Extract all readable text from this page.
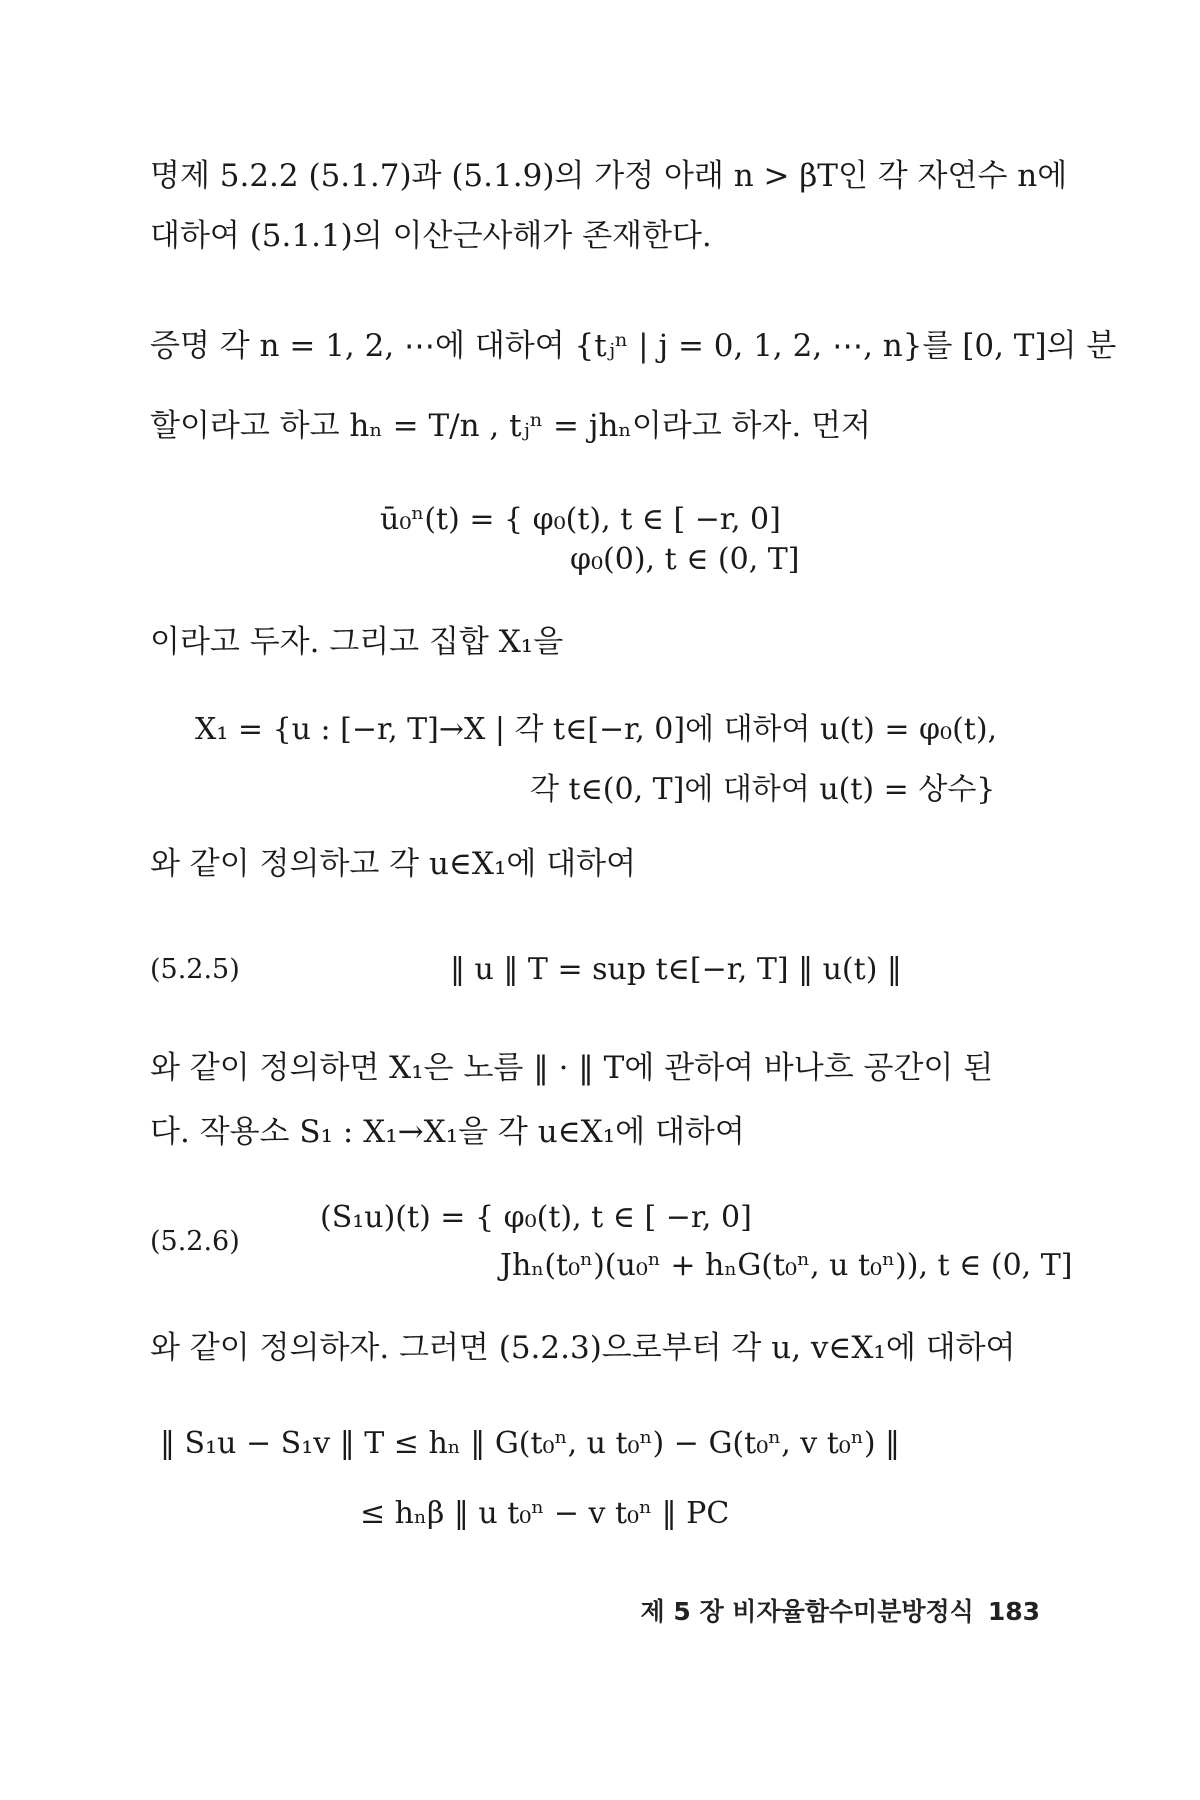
명제 5.2.2 (5.1.7)과 (5.1.9)의 가정 아래 n > βT인 각 자연수 n에
대하여 (5.1.1)의 이산근사해가 존재한다.
증명 각 n = 1, 2, ⋯에 대하여 {tⱼⁿ | j = 0, 1, 2, ⋯, n}를 [0, T]의 분
할이라고 하고 hₙ = T/n , tⱼⁿ = jhₙ이라고 하자. 먼저
ū₀ⁿ(t) = { φ₀(t), t ∈ [ −r, 0]
φ₀(0), t ∈ (0, T]
이라고 두자. 그리고 집합 X₁을
X₁ = {u : [−r, T]→X | 각 t∈[−r, 0]에 대하여 u(t) = φ₀(t),
각 t∈(0, T]에 대하여 u(t) = 상수}
와 같이 정의하고 각 u∈X₁에 대하여
(5.2.5)	‖ u ‖ T = sup t∈[−r, T] ‖ u(t) ‖
와 같이 정의하면 X₁은 노름 ‖ · ‖ T에 관하여 바나흐 공간이 된
다. 작용소 S₁ : X₁→X₁을 각 u∈X₁에 대하여
(5.2.6)
(S₁u)(t) = { φ₀(t), t ∈ [ −r, 0]
Jhₙ(t₀ⁿ)(u₀ⁿ + hₙG(t₀ⁿ, u t₀ⁿ)), t ∈ (0, T]
와 같이 정의하자. 그러면 (5.2.3)으로부터 각 u, v∈X₁에 대하여
‖ S₁u − S₁v ‖ T ≤ hₙ ‖ G(t₀ⁿ, u t₀ⁿ) − G(t₀ⁿ, v t₀ⁿ) ‖
≤ hₙβ ‖ u t₀ⁿ − v t₀ⁿ ‖ PC
제 5 장 비자율함수미분방정식 183
